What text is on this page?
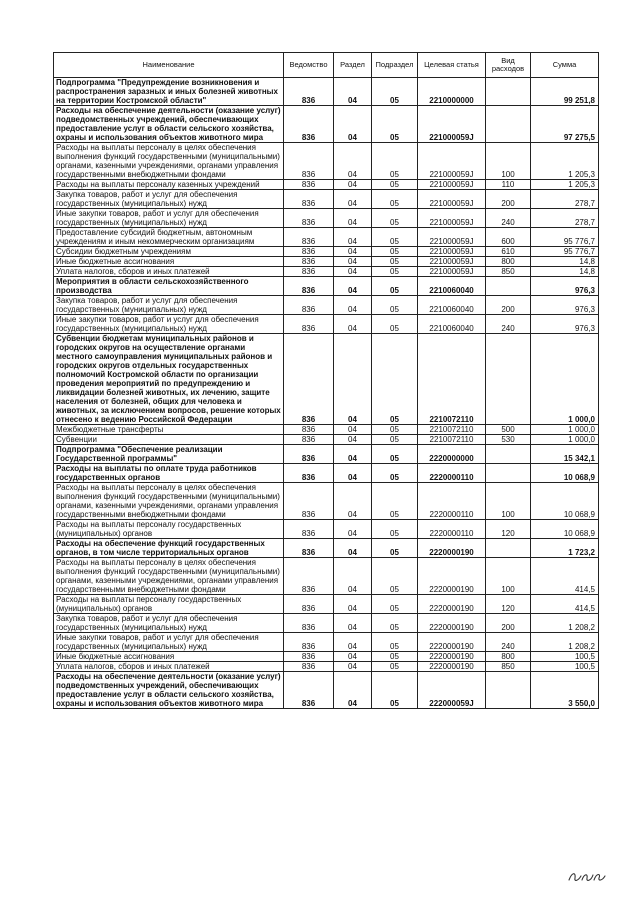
Наименование	Ведомство	Раздел	Подраздел	Целевая статья	Вид расходов	Сумма
Подпрограмма "Предупреждение возникновения и распространения заразных и иных болезней животных на территории Костромской области"	836	04	05	2210000000		99 251,8
Расходы на обеспечение деятельности (оказание услуг) подведомственных учреждений, обеспечивающих предоставление услуг в области сельского хозяйства, охраны и использования объектов животного мира	836	04	05	221000059J		97 275,5
Расходы на выплаты персоналу в целях обеспечения выполнения функций государственными (муниципальными) органами, казенными учреждениями, органами управления государственными внебюджетными фондами	836	04	05	221000059J	100	1 205,3
Расходы на выплаты персоналу казенных учреждений	836	04	05	221000059J	110	1 205,3
Закупка товаров, работ и услуг для обеспечения государственных (муниципальных) нужд	836	04	05	221000059J	200	278,7
Иные закупки товаров, работ и услуг для обеспечения государственных (муниципальных) нужд	836	04	05	221000059J	240	278,7
Предоставление субсидий бюджетным, автономным учреждениям и иным некоммерческим организациям	836	04	05	221000059J	600	95 776,7
Субсидии бюджетным учреждениям	836	04	05	221000059J	610	95 776,7
Иные бюджетные ассигнования	836	04	05	221000059J	800	14,8
Уплата налогов, сборов и иных платежей	836	04	05	221000059J	850	14,8
Мероприятия в области сельскохозяйственного производства	836	04	05	2210060040		976,3
Закупка товаров, работ и услуг для обеспечения государственных (муниципальных) нужд	836	04	05	2210060040	200	976,3
Иные закупки товаров, работ и услуг для обеспечения государственных (муниципальных) нужд	836	04	05	2210060040	240	976,3
Субвенции бюджетам муниципальных районов и городских округов на осуществление органами местного самоуправления муниципальных районов и городских округов отдельных государственных полномочий Костромской области по организации проведения мероприятий по предупреждению и ликвидации болезней животных, их лечению, защите населения от болезней, общих для человека и животных, за исключением вопросов, решение которых отнесено к ведению Российской Федерации	836	04	05	2210072110		1 000,0
Межбюджетные трансферты	836	04	05	2210072110	500	1 000,0
Субвенции	836	04	05	2210072110	530	1 000,0
Подпрограмма "Обеспечение реализации Государственной программы"	836	04	05	2220000000		15 342,1
Расходы на выплаты по оплате труда работников государственных органов	836	04	05	2220000110		10 068,9
Расходы на выплаты персоналу в целях обеспечения выполнения функций государственными (муниципальными) органами, казенными учреждениями, органами управления государственными внебюджетными фондами	836	04	05	2220000110	100	10 068,9
Расходы на выплаты персоналу государственных (муниципальных) органов	836	04	05	2220000110	120	10 068,9
Расходы на обеспечение функций государственных органов, в том числе территориальных органов	836	04	05	2220000190		1 723,2
Расходы на выплаты персоналу в целях обеспечения выполнения функций государственными (муниципальными) органами, казенными учреждениями, органами управления государственными внебюджетными фондами	836	04	05	2220000190	100	414,5
Расходы на выплаты персоналу государственных (муниципальных) органов	836	04	05	2220000190	120	414,5
Закупка товаров, работ и услуг для обеспечения государственных (муниципальных) нужд	836	04	05	2220000190	200	1 208,2
Иные закупки товаров, работ и услуг для обеспечения государственных (муниципальных) нужд	836	04	05	2220000190	240	1 208,2
Иные бюджетные ассигнования	836	04	05	2220000190	800	100,5
Уплата налогов, сборов и иных платежей	836	04	05	2220000190	850	100,5
Расходы на обеспечение деятельности (оказание услуг) подведомственных учреждений, обеспечивающих предоставление услуг в области сельского хозяйства, охраны и использования объектов животного мира	836	04	05	222000059J		3 550,0
